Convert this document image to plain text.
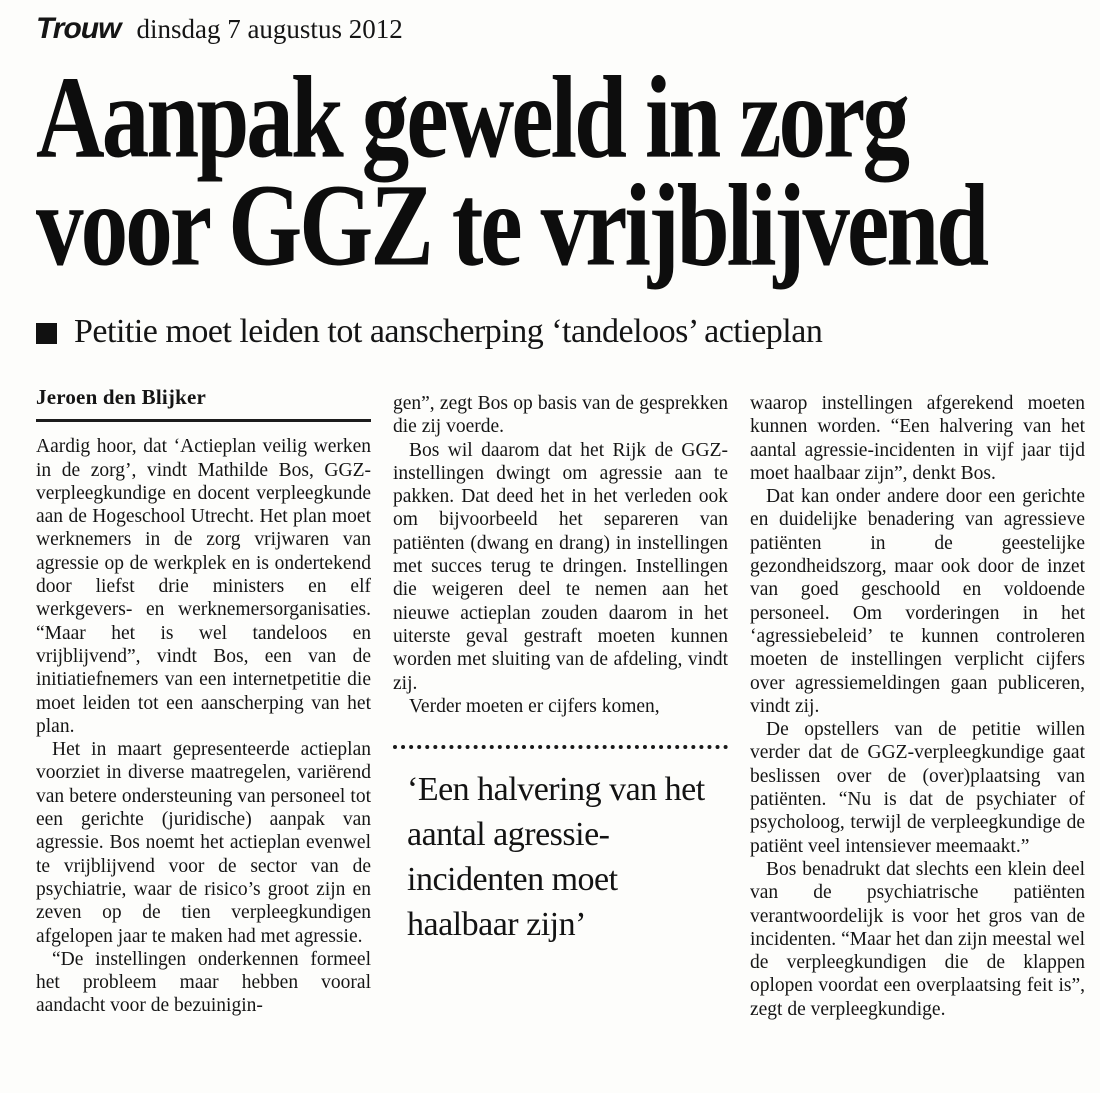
Trouw dinsdag 7 augustus 2012
Aanpak geweld in zorg voor GGZ te vrijblijvend
Petitie moet leiden tot aanscherping ‘tandeloos’ actieplan
Jeroen den Blijker

Aardig hoor, dat ‘Actieplan veilig werken in de zorg’, vindt Mathilde Bos, GGZ-verpleegkundige en docent verpleegkunde aan de Hogeschool Utrecht. Het plan moet werknemers in de zorg vrijwaren van agressie op de werkplek en is ondertekend door liefst drie ministers en elf werkgevers- en werknemersorganisaties. “Maar het is wel tandeloos en vrijblijvend”, vindt Bos, een van de initiatiefnemers van een internetpetitie die moet leiden tot een aanscherping van het plan.

Het in maart gepresenteerde actieplan voorziet in diverse maatregelen, variërend van betere ondersteuning van personeel tot een gerichte (juridische) aanpak van agressie. Bos noemt het actieplan evenwel te vrijblijvend voor de sector van de psychiatrie, waar de risico’s groot zijn en zeven op de tien verpleegkundigen afgelopen jaar te maken had met agressie.

“De instellingen onderkennen formeel het probleem maar hebben vooral aandacht voor de bezuinigin-

gen”, zegt Bos op basis van de gesprekken die zij voerde.

Bos wil daarom dat het Rijk de GGZ-instellingen dwingt om agressie aan te pakken. Dat deed het in het verleden ook om bijvoorbeeld het separeren van patiënten (dwang en drang) in instellingen met succes terug te dringen. Instellingen die weigeren deel te nemen aan het nieuwe actieplan zouden daarom in het uiterste geval gestraft moeten kunnen worden met sluiting van de afdeling, vindt zij.

Verder moeten er cijfers komen,

‘Een halvering van het aantal agressie-incidenten moet haalbaar zijn’

waarop instellingen afgerekend moeten kunnen worden. “Een halvering van het aantal agressie-incidenten in vijf jaar tijd moet haalbaar zijn”, denkt Bos.

Dat kan onder andere door een gerichte en duidelijke benadering van agressieve patiënten in de geestelijke gezondheidszorg, maar ook door de inzet van goed geschoold en voldoende personeel. Om vorderingen in het ‘agressiebeleid’ te kunnen controleren moeten de instellingen verplicht cijfers over agressiemeldingen gaan publiceren, vindt zij.

De opstellers van de petitie willen verder dat de GGZ-verpleegkundige gaat beslissen over de (over)plaatsing van patiënten. “Nu is dat de psychiater of psycholoog, terwijl de verpleegkundige de patiënt veel intensiever meemaakt.”

Bos benadrukt dat slechts een klein deel van de psychiatrische patiënten verantwoordelijk is voor het gros van de incidenten. “Maar het dan zijn meestal wel de verpleegkundigen die de klappen oplopen voordat een overplaatsing feit is”, zegt de verpleegkundige.
